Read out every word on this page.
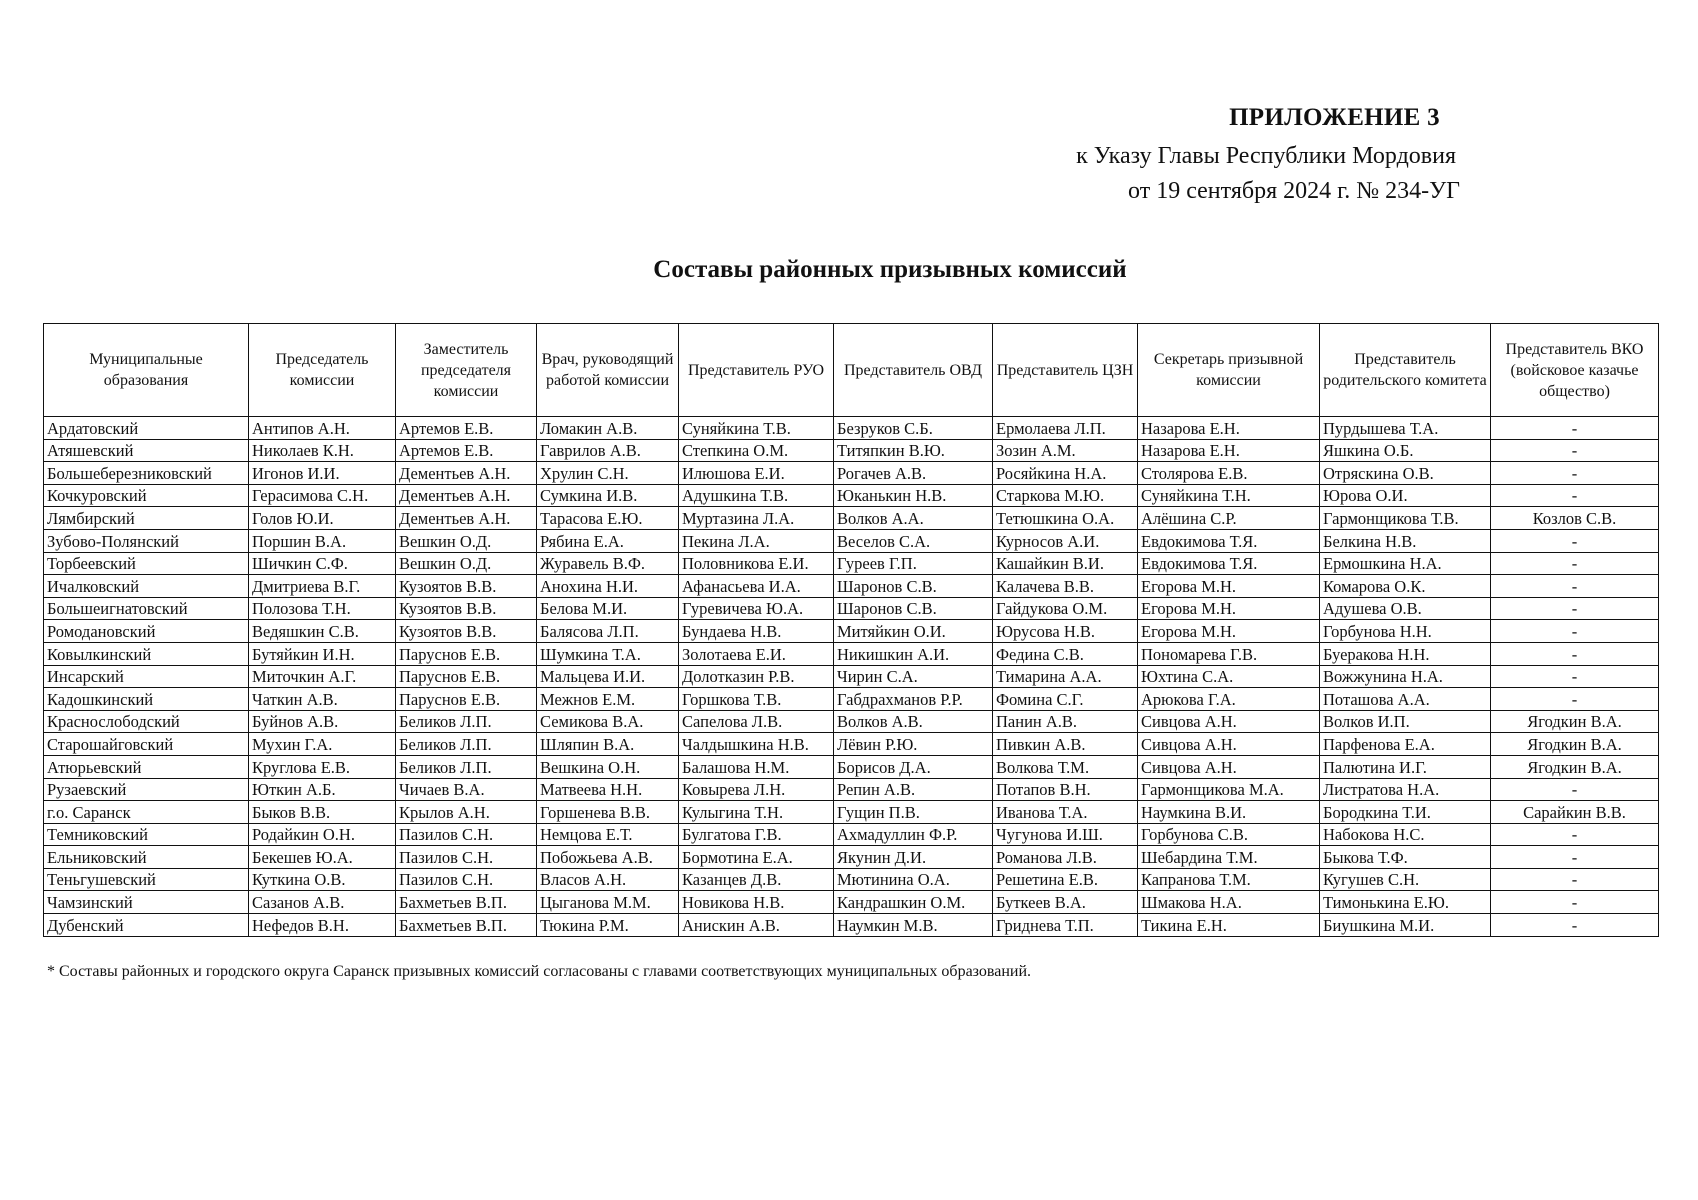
ПРИЛОЖЕНИЕ 3
к Указу Главы Республики Мордовия
от 19 сентября 2024 г. № 234-УГ
Составы районных призывных комиссий
Муниципальные образования	Председатель комиссии	Заместитель председателя комиссии	Врач, руководящий работой комиссии	Представитель РУО	Представитель ОВД	Представитель ЦЗН	Секретарь призывной комиссии	Представитель родительского комитета	Представитель ВКО (войсковое казачье общество)
Ардатовский	Антипов А.Н.	Артемов Е.В.	Ломакин А.В.	Суняйкина Т.В.	Безруков С.Б.	Ермолаева Л.П.	Назарова Е.Н.	Пурдышева Т.А.	-
Атяшевский	Николаев К.Н.	Артемов Е.В.	Гаврилов А.В.	Степкина О.М.	Титяпкин В.Ю.	Зозин А.М.	Назарова Е.Н.	Яшкина О.Б.	-
Большеберезниковский	Игонов И.И.	Дементьев А.Н.	Хрулин С.Н.	Илюшова Е.И.	Рогачев А.В.	Росяйкина Н.А.	Столярова Е.В.	Отряскина О.В.	-
Кочкуровский	Герасимова С.Н.	Дементьев А.Н.	Сумкина И.В.	Адушкина Т.В.	Юканькин Н.В.	Старкова М.Ю.	Суняйкина Т.Н.	Юрова О.И.	-
Лямбирский	Голов Ю.И.	Дементьев А.Н.	Тарасова Е.Ю.	Муртазина Л.А.	Волков А.А.	Тетюшкина О.А.	Алёшина С.Р.	Гармонщикова Т.В.	Козлов С.В.
Зубово-Полянский	Поршин В.А.	Вешкин О.Д.	Рябина Е.А.	Пекина Л.А.	Веселов С.А.	Курносов А.И.	Евдокимова Т.Я.	Белкина Н.В.	-
Торбеевский	Шичкин С.Ф.	Вешкин О.Д.	Журавель В.Ф.	Половникова Е.И.	Гуреев Г.П.	Кашайкин В.И.	Евдокимова Т.Я.	Ермошкина Н.А.	-
Ичалковский	Дмитриева В.Г.	Кузоятов В.В.	Анохина Н.И.	Афанасьева И.А.	Шаронов С.В.	Калачева В.В.	Егорова М.Н.	Комарова О.К.	-
Большеигнатовский	Полозова Т.Н.	Кузоятов В.В.	Белова М.И.	Гуревичева Ю.А.	Шаронов С.В.	Гайдукова О.М.	Егорова М.Н.	Адушева О.В.	-
Ромодановский	Ведяшкин С.В.	Кузоятов В.В.	Балясова Л.П.	Бундаева Н.В.	Митяйкин О.И.	Юрусова Н.В.	Егорова М.Н.	Горбунова Н.Н.	-
Ковылкинский	Бутяйкин И.Н.	Паруснов Е.В.	Шумкина Т.А.	Золотаева Е.И.	Никишкин А.И.	Федина С.В.	Пономарева Г.В.	Буеракова Н.Н.	-
Инсарский	Миточкин А.Г.	Паруснов Е.В.	Мальцева И.И.	Долотказин Р.В.	Чирин С.А.	Тимарина А.А.	Юхтина С.А.	Вожжунина Н.А.	-
Кадошкинский	Чаткин А.В.	Паруснов Е.В.	Межнов Е.М.	Горшкова Т.В.	Габдрахманов Р.Р.	Фомина С.Г.	Арюкова Г.А.	Поташова А.А.	-
Краснослободский	Буйнов А.В.	Беликов Л.П.	Семикова В.А.	Сапелова Л.В.	Волков А.В.	Панин А.В.	Сивцова А.Н.	Волков И.П.	Ягодкин В.А.
Старошайговский	Мухин Г.А.	Беликов Л.П.	Шляпин В.А.	Чалдышкина Н.В.	Лёвин Р.Ю.	Пивкин А.В.	Сивцова А.Н.	Парфенова Е.А.	Ягодкин В.А.
Атюрьевский	Круглова Е.В.	Беликов Л.П.	Вешкина О.Н.	Балашова Н.М.	Борисов Д.А.	Волкова Т.М.	Сивцова А.Н.	Палютина И.Г.	Ягодкин В.А.
Рузаевский	Юткин А.Б.	Чичаев В.А.	Матвеева Н.Н.	Ковырева Л.Н.	Репин А.В.	Потапов В.Н.	Гармонщикова М.А.	Листратова Н.А.	-
г.о. Саранск	Быков В.В.	Крылов А.Н.	Горшенева В.В.	Кулыгина Т.Н.	Гущин П.В.	Иванова Т.А.	Наумкина В.И.	Бородкина Т.И.	Сарайкин В.В.
Темниковский	Родайкин О.Н.	Пазилов С.Н.	Немцова Е.Т.	Булгатова Г.В.	Ахмадуллин Ф.Р.	Чугунова И.Ш.	Горбунова С.В.	Набокова Н.С.	-
Ельниковский	Бекешев Ю.А.	Пазилов С.Н.	Побожьева А.В.	Бормотина Е.А.	Якунин Д.И.	Романова Л.В.	Шебардина Т.М.	Быкова Т.Ф.	-
Теньгушевский	Куткина О.В.	Пазилов С.Н.	Власов А.Н.	Казанцев Д.В.	Мютинина О.А.	Решетина Е.В.	Капранова Т.М.	Кугушев С.Н.	-
Чамзинский	Сазанов А.В.	Бахметьев В.П.	Цыганова М.М.	Новикова Н.В.	Кандрашкин О.М.	Буткеев В.А.	Шмакова Н.А.	Тимонькина Е.Ю.	-
Дубенский	Нефедов В.Н.	Бахметьев В.П.	Тюкина Р.М.	Анискин А.В.	Наумкин М.В.	Гриднева Т.П.	Тикина Е.Н.	Биушкина М.И.	-
* Составы районных и городского округа Саранск призывных комиссий согласованы с главами соответствующих муниципальных образований.
